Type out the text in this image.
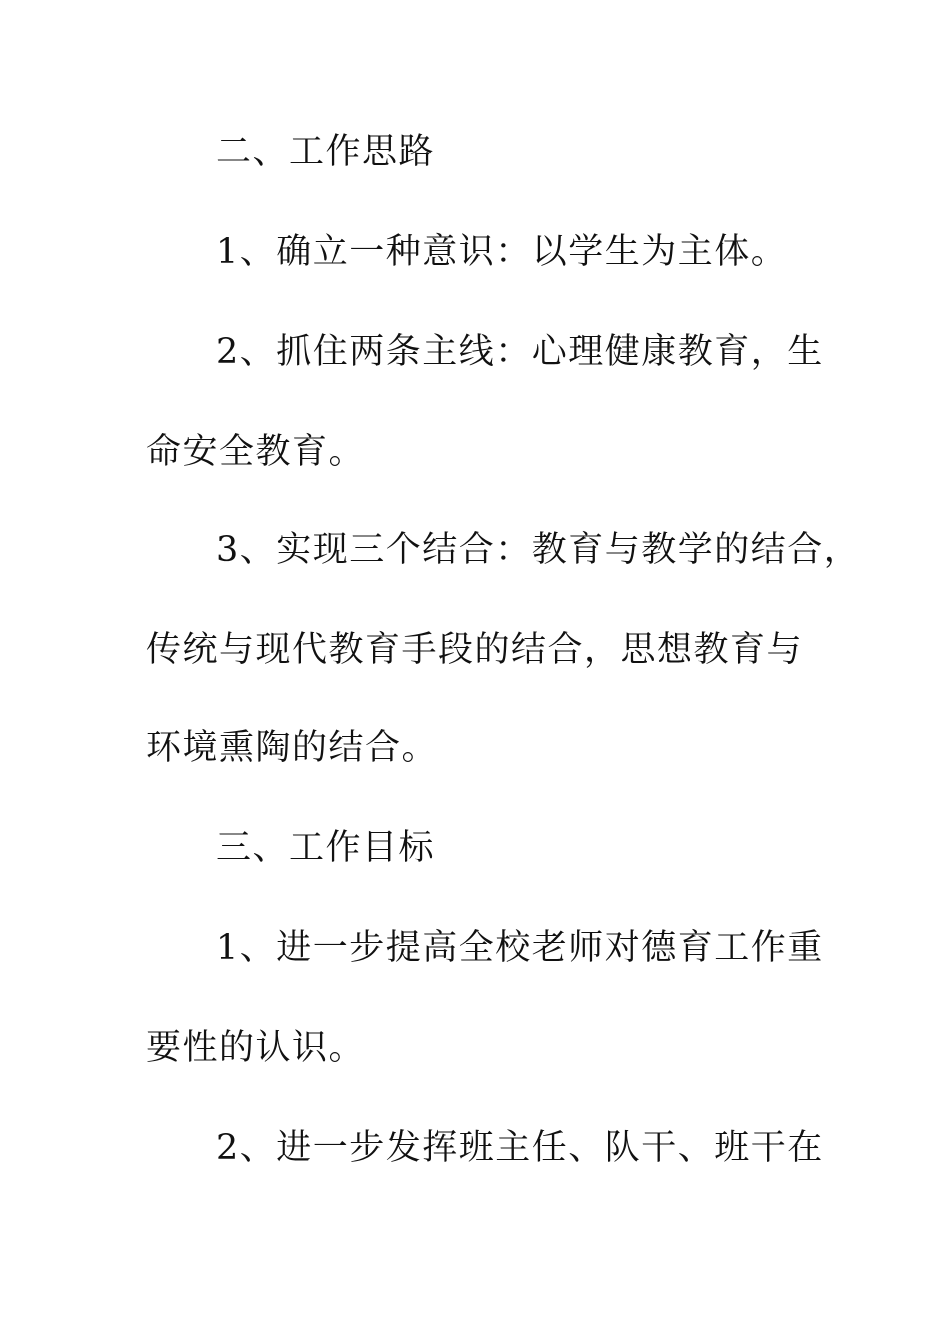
二、工作思路
1、确立一种意识：以学生为主体。
2、抓住两条主线：心理健康教育，生
命安全教育。
3、实现三个结合：教育与教学的结合，
传统与现代教育手段的结合，思想教育与
环境熏陶的结合。
三、工作目标
1、进一步提高全校老师对德育工作重
要性的认识。
2、进一步发挥班主任、队干、班干在
